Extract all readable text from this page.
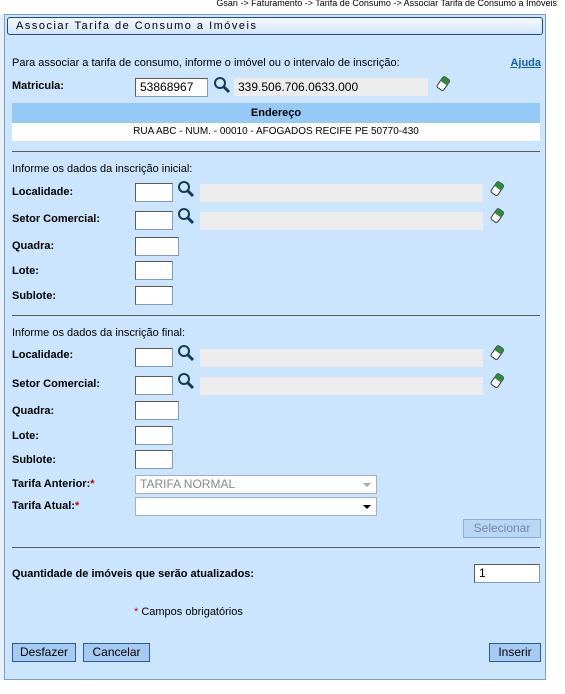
Gsan -> Faturamento -> Tarifa de Consumo -> Associar Tarifa de Consumo a Imóveis
Associar Tarifa de Consumo a Imóveis
Para associar a tarifa de consumo, informe o imóvel ou o intervalo de inscrição:	Ajuda
Matricula:	53868967	339.506.706.0633.000
Endereço
RUA ABC - NUM. - 00010 - AFOGADOS RECIFE PE 50770-430
Informe os dados da inscrição inicial:
Localidade:
Setor Comercial:
Quadra:
Lote:
Sublote:
Informe os dados da inscrição final:
Localidade:
Setor Comercial:
Quadra:
Lote:
Sublote:
Tarifa Anterior:*	TARIFA NORMAL
Tarifa Atual:*
Selecionar
Quantidade de imóveis que serão atualizados:	1
* Campos obrigatórios
Desfazer	Cancelar	Inserir
